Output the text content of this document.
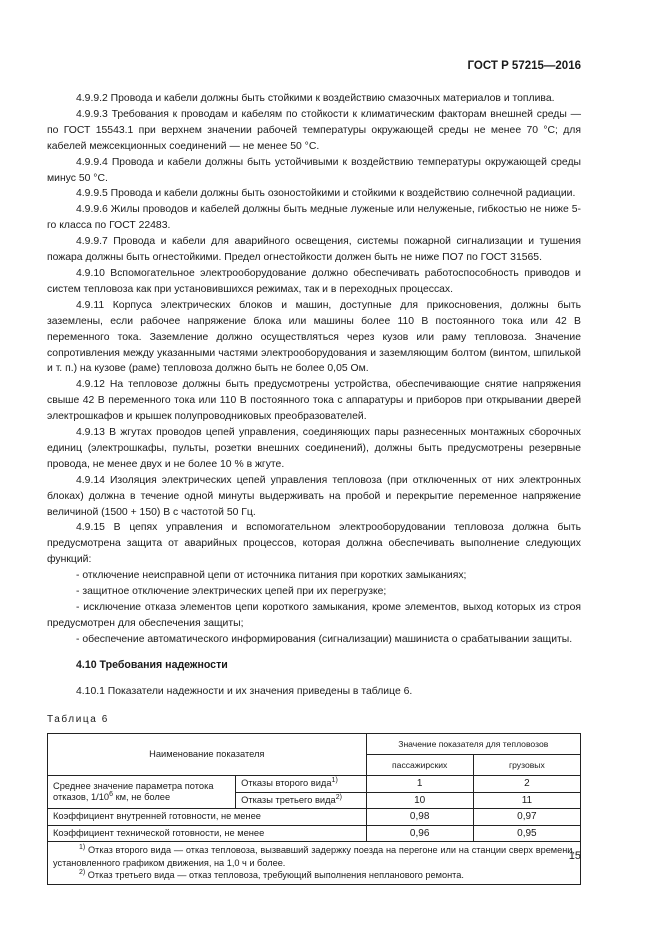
ГОСТ Р 57215—2016

4.9.9.2 Провода и кабели должны быть стойкими к воздействию смазочных материалов и топлива.

4.9.9.3 Требования к проводам и кабелям по стойкости к климатическим факторам внешней среды — по ГОСТ 15543.1 при верхнем значении рабочей температуры окружающей среды не менее 70 °С; для кабелей межсекционных соединений — не менее 50 °С.

4.9.9.4 Провода и кабели должны быть устойчивыми к воздействию температуры окружающей среды минус 50 °С.

4.9.9.5 Провода и кабели должны быть озоностойкими и стойкими к воздействию солнечной радиации.

4.9.9.6 Жилы проводов и кабелей должны быть медные луженые или нелуженые, гибкостью не ниже 5-го класса по ГОСТ 22483.

4.9.9.7 Провода и кабели для аварийного освещения, системы пожарной сигнализации и тушения пожара должны быть огнестойкими. Предел огнестойкости должен быть не ниже ПО7 по ГОСТ 31565.

4.9.10 Вспомогательное электрооборудование должно обеспечивать работоспособность приводов и систем тепловоза как при установившихся режимах, так и в переходных процессах.

4.9.11 Корпуса электрических блоков и машин, доступные для прикосновения, должны быть заземлены, если рабочее напряжение блока или машины более 110 В постоянного тока или 42 В переменного тока. Заземление должно осуществляться через кузов или раму тепловоза. Значение сопротивления между указанными частями электрооборудования и заземляющим болтом (винтом, шпилькой и т. п.) на кузове (раме) тепловоза должно быть не более 0,05 Ом.

4.9.12 На тепловозе должны быть предусмотрены устройства, обеспечивающие снятие напряжения свыше 42 В переменного тока или 110 В постоянного тока с аппаратуры и приборов при открывании дверей электрошкафов и крышек полупроводниковых преобразователей.

4.9.13 В жгутах проводов цепей управления, соединяющих пары разнесенных монтажных сборочных единиц (электрошкафы, пульты, розетки внешних соединений), должны быть предусмотрены резервные провода, не менее двух и не более 10 % в жгуте.

4.9.14 Изоляция электрических цепей управления тепловоза (при отключенных от них электронных блоках) должна в течение одной минуты выдерживать на пробой и перекрытие переменное напряжение величиной (1500 + 150) В с частотой 50 Гц.

4.9.15 В цепях управления и вспомогательном электрооборудовании тепловоза должна быть предусмотрена защита от аварийных процессов, которая должна обеспечивать выполнение следующих функций:

- отключение неисправной цепи от источника питания при коротких замыканиях;

- защитное отключение электрических цепей при их перегрузке;

- исключение отказа элементов цепи короткого замыкания, кроме элементов, выход которых из строя предусмотрен для обеспечения защиты;

- обеспечение автоматического информирования (сигнализации) машиниста о срабатывании защиты.

4.10 Требования надежности

4.10.1 Показатели надежности и их значения приведены в таблице 6.

Таблица 6
Наименование показателя		Значение показателя для тепловозов	
		пассажирских	грузовых
Среднее значение параметра потока отказов, $1/10^6$ км, не более	Отказы второго вида$^{1)}$	1	2
	Отказы третьего вида$^{2)}$	10	11
Коэффициент внутренней готовности, не менее		0,98	0,97
Коэффициент технической готовности, не менее		0,96	0,95

$^{1)}$ Отказ второго вида — отказ тепловоза, вызвавший задержку поезда на перегоне или на станции сверх времени, установленного графиком движения, на 1,0 ч и более.

$^{2)}$ Отказ третьего вида — отказ тепловоза, требующий выполнения непланового ремонта.			

15
